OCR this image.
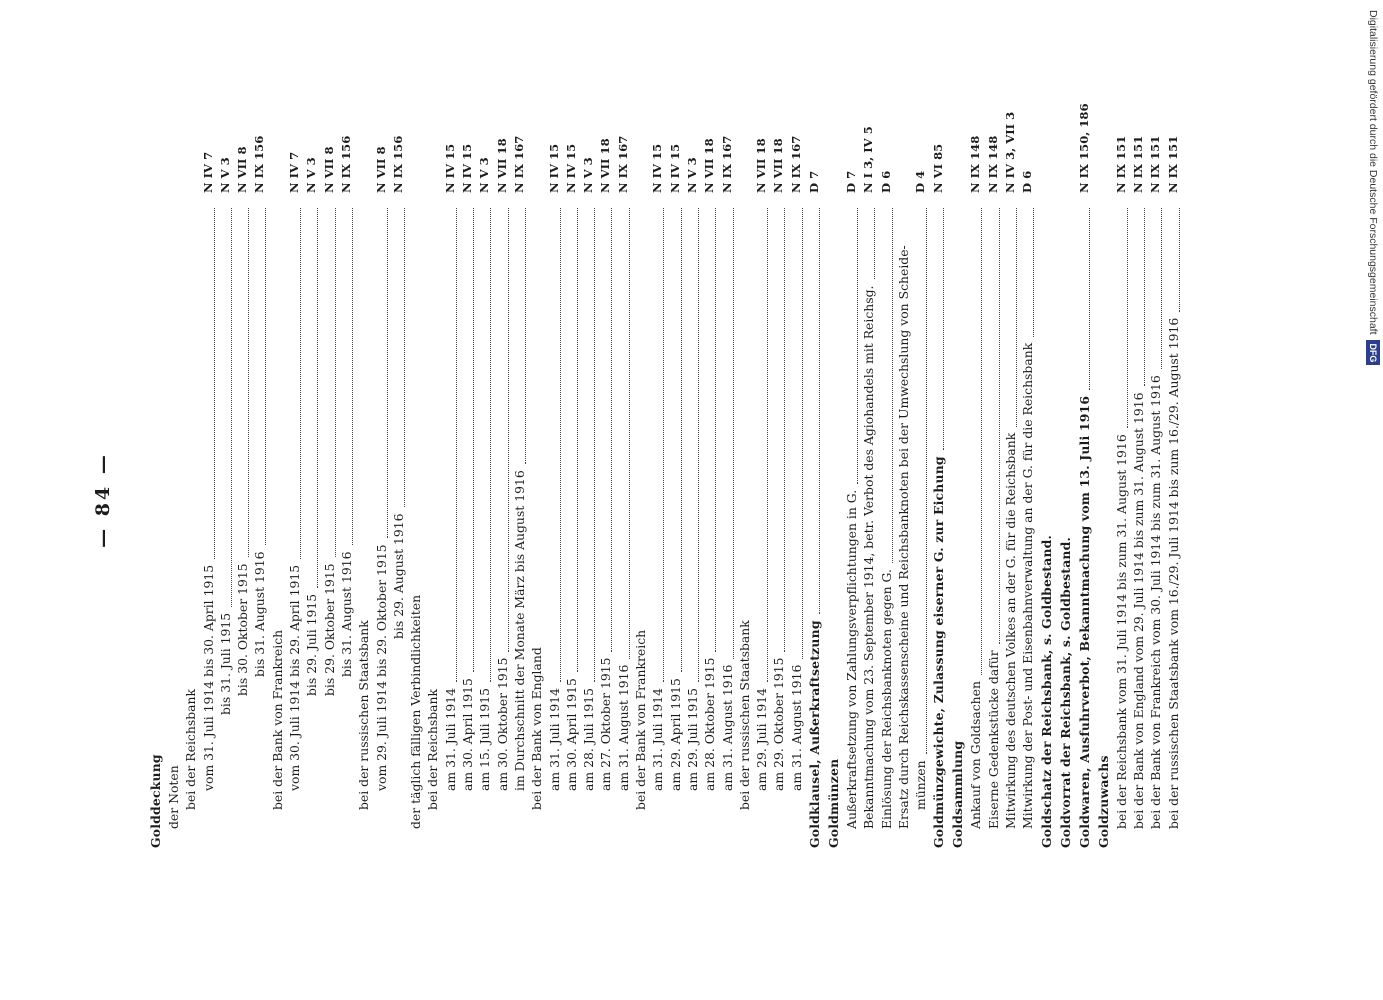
— 84 —
Golddeckung der Noten bei der Reichsbank vom 31. Juli 1914 bis 30. April 1915
N IV 7
bis 31. Juli 1915
N V 3
bis 30. Oktober 1915
N VII 8
bis 31. August 1916
N IX 156
bei der Bank von Frankreich vom 30. Juli 1914 bis 29. April 1915
N IV 7
bis 29. Juli 1915
N V 3
bis 29. Oktober 1915
N VII 8
bis 31. August 1916
N IX 156
bei der russischen Staatsbank vom 29. Juli 1914 bis 29. Oktober 1915
N VII 8
bis 29. August 1916
N IX 156
der täglich fälligen Verbindlichkeiten bei der Reichsbank am 31. Juli 1914
N IV 15
am 30. April 1915
N IV 15
am 15. Juli 1915
N V 3
am 30. Oktober 1915
N VII 18
im Durchschnitt der Monate März bis August 1916
N IX 167
bei der Bank von England am 31. Juli 1914
N IV 15
am 30. April 1915
N IV 15
am 28. Juli 1915
N V 3
am 27. Oktober 1915
N VII 18
am 31. August 1916
N IX 167
bei der Bank von Frankreich am 31. Juli 1914
N IV 15
am 29. April 1915
N IV 15
am 29. Juli 1915
N V 3
am 28. Oktober 1915
N VII 18
am 31. August 1916
N IX 167
bei der russischen Staatsbank am 29. Juli 1914
N VII 18
am 29. Oktober 1915
N VII 18
am 31. August 1916
N IX 167
Goldklausel, Außerkraftsetzung
D 7
Goldmünzen Außerkraftsetzung von Zahlungsverpflichtungen in G.
D 7
Bekanntmachung vom 23. September 1914, betr. Verbot des Agiohandels mit Reichsg.
N I 3, IV 5
Einlösung der Reichsbanknoten gegen G.
D 6
Ersatz durch Reichskassenscheine und Reichsbanknoten bei der Umwechslung von Scheide- münzen
D 4
Goldmünzgewichte, Zulassung eiserner G. zur Eichung
N VI 85
Goldsammlung Ankauf von Goldsachen
N IX 148
Eiserne Gedenkstücke dafür
N IX 148
Mitwirkung des deutschen Volkes an der G. für die Reichsbank
N IV 3, VII 3
Mitwirkung der Post- und Eisenbahnverwaltung an der G. für die Reichsbank
D 6
Goldschatz der Reichsbank, s. Goldbestand. Goldvorrat der Reichsbank, s. Goldbestand. Goldwaren, Ausfuhrverbot, Bekanntmachung vom 13. Juli 1916
N IX 150, 186
Goldzuwachs bei der Reichsbank vom 31. Juli 1914 bis zum 31. August 1916
N IX 151
bei der Bank von England vom 29. Juli 1914 bis zum 31. August 1916
N IX 151
bei der Bank von Frankreich vom 30. Juli 1914 bis zum 31. August 1916
N IX 151
bei der russischen Staatsbank vom 16./29. Juli 1914 bis zum 16./29. August 1916
N IX 151	Digitalisierung gefördert durch die Deutsche Forschungsgemeinschaft DFG
